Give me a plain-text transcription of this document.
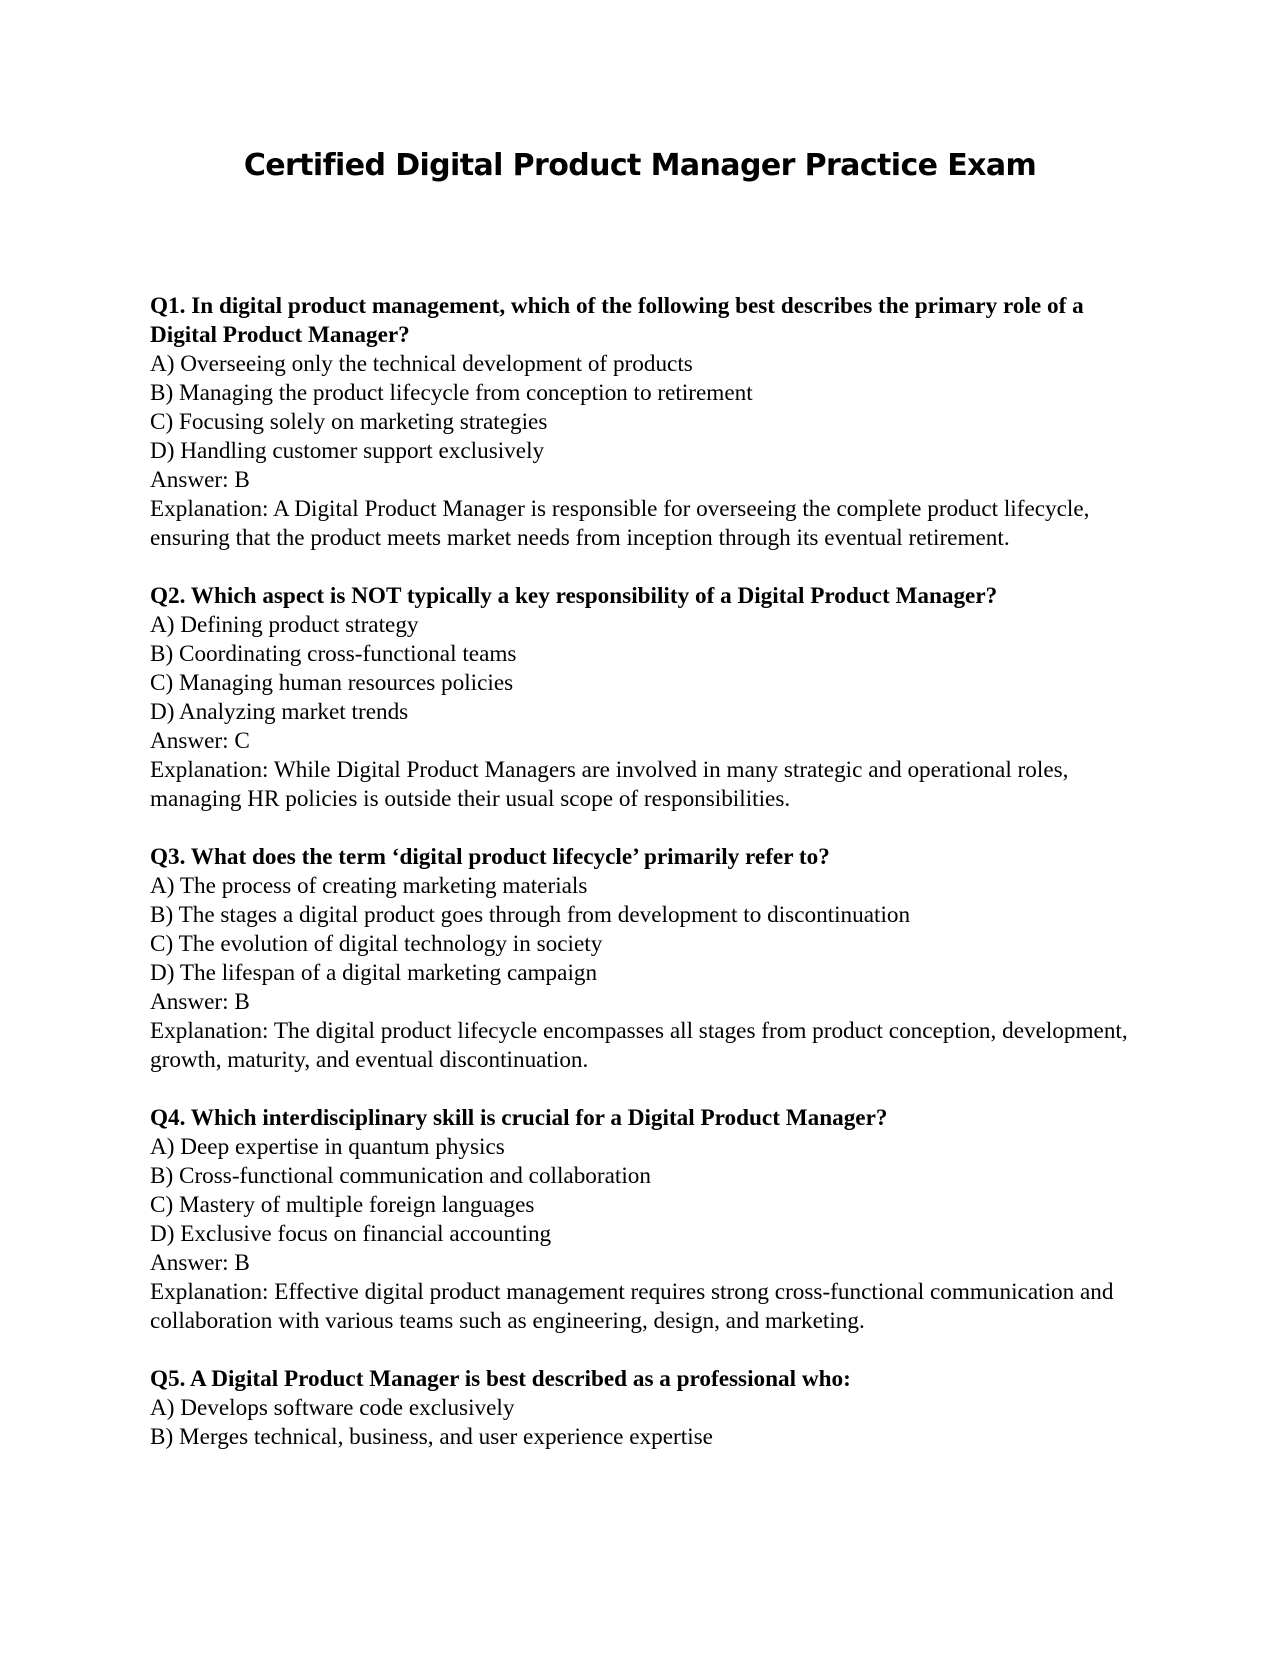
Certified Digital Product Manager Practice Exam

Q1. In digital product management, which of the following best describes the primary role of a Digital Product Manager?

A) Overseeing only the technical development of products

B) Managing the product lifecycle from conception to retirement

C) Focusing solely on marketing strategies

D) Handling customer support exclusively

Answer: B

Explanation: A Digital Product Manager is responsible for overseeing the complete product lifecycle, ensuring that the product meets market needs from inception through its eventual retirement.

Q2. Which aspect is NOT typically a key responsibility of a Digital Product Manager?

A) Defining product strategy

B) Coordinating cross-functional teams

C) Managing human resources policies

D) Analyzing market trends

Answer: C

Explanation: While Digital Product Managers are involved in many strategic and operational roles, managing HR policies is outside their usual scope of responsibilities.

Q3. What does the term ‘digital product lifecycle’ primarily refer to?

A) The process of creating marketing materials

B) The stages a digital product goes through from development to discontinuation

C) The evolution of digital technology in society

D) The lifespan of a digital marketing campaign

Answer: B

Explanation: The digital product lifecycle encompasses all stages from product conception, development, growth, maturity, and eventual discontinuation.

Q4. Which interdisciplinary skill is crucial for a Digital Product Manager?

A) Deep expertise in quantum physics

B) Cross-functional communication and collaboration

C) Mastery of multiple foreign languages

D) Exclusive focus on financial accounting

Answer: B

Explanation: Effective digital product management requires strong cross-functional communication and collaboration with various teams such as engineering, design, and marketing.

Q5. A Digital Product Manager is best described as a professional who:

A) Develops software code exclusively

B) Merges technical, business, and user experience expertise
